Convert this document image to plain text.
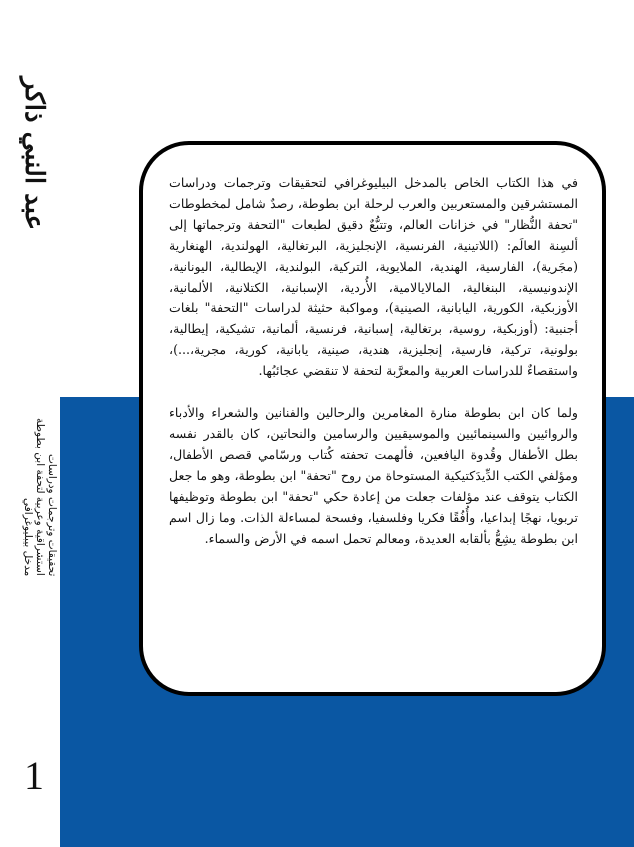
عبد النبي ذاكر
تحقيقات وترجمات ودراسات
استشراقية وعربية لتحفة ابن بطوطة
مدخل بيبليوغرافي
1

في هذا الكتاب الخاص بالمدخل البيليوغرافي لتحقيقات وترجمات ودراسات المستشرقين والمستعربين والعرب لرحلة ابن بطوطة، رصدٌ شامل لمخطوطات "تحفة النُّظار" في خزانات العالم، وتتبُّعٌ دقيق لطبعات "التحفة وترجماتها إلى ألسِنة العالَم: (اللاتينية، الفرنسية، الإنجليزية، البرتغالية، الهولندية، الهنغارية (مجَرية)، الفارسية، الهندية، الملايوية، التركية، البولندية، الإيطالية، اليونانية، الإندونيسية، البنغالية، المالايالامية، الأُردية، الإسبانية، الكتلانية، الألمانية، الأوزبكية، الكورية، اليابانية، الصينية)، ومواكبة حثيثة لدراسات "التحفة" بلغات أجنبية: (أوزبكية، روسية، برتغالية، إسبانية، فرنسية، ألمانية، تشيكية، إيطالية، بولونية، تركية، فارسية، إنجليزية، هندية، صينية، يابانية، كورية، مجرية،...)، واستقصاءٌ للدراسات العربية والمعرَّبة لتحفة لا تنقضي عجائبُها.

ولما كان ابن بطوطة منارة المغامرين والرحالين والفنانين والشعراء والأدباء والروائيين والسينمائيين والموسيقيين والرسامين والنحاتين، كان بالقدر نفسه بطل الأطفال وقُدوة اليافعين، فألهمت تحفته كُتاب ورسّامي قصص الأطفال، ومؤلفي الكتب الدِّيدَكتيكية المستوحاة من روح "تحفة" ابن بطوطة، وهو ما جعل الكتاب يتوقف عند مؤلفات جعلت من إعادة حكي "تحفة" ابن بطوطة وتوظيفها تربويا، نهجًا إبداعيا، وأُفُقًا فكريا وفلسفيا، وفسحة لمساءلة الذات. وما زال اسم ابن بطوطة يشِعُّ بألقابه العديدة، ومعالم تحمل اسمه في الأرض والسماء.
